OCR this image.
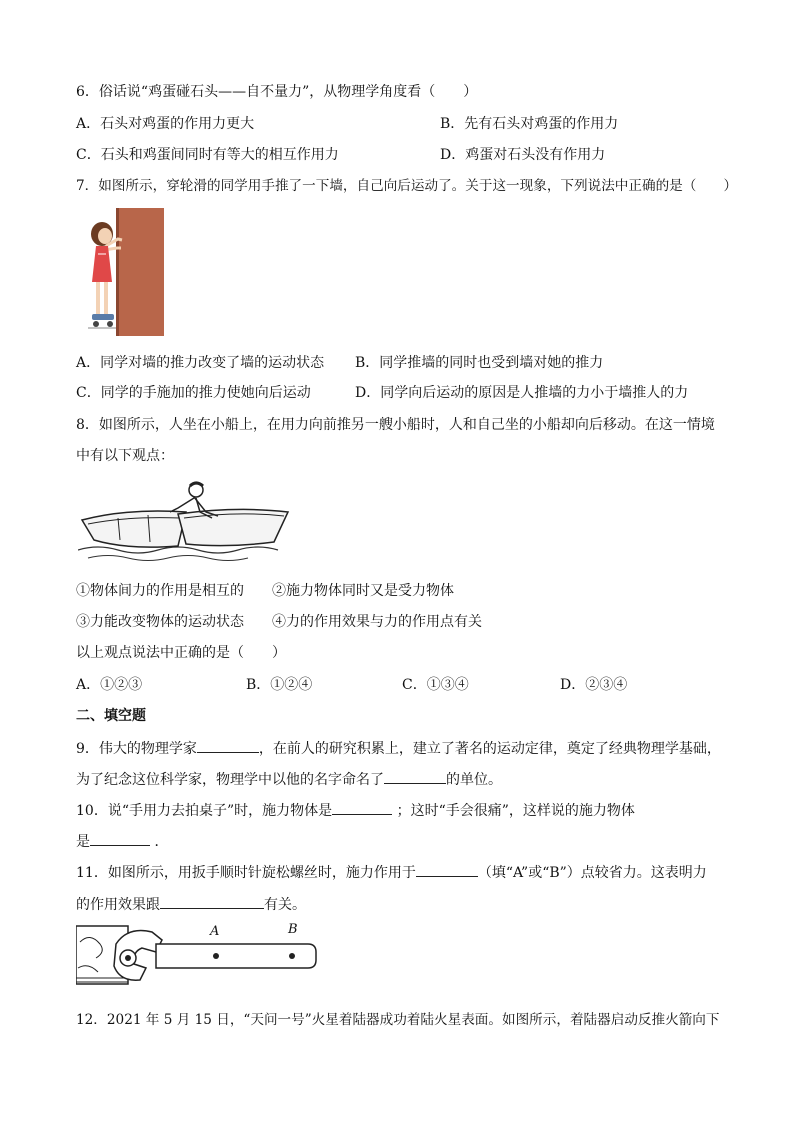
6．俗话说“鸡蛋碰石头——自不量力”，从物理学角度看（　　）
A．石头对鸡蛋的作用力更大	B．先有石头对鸡蛋的作用力
C．石头和鸡蛋间同时有等大的相互作用力	D．鸡蛋对石头没有作用力
7．如图所示，穿轮滑的同学用手推了一下墙，自己向后运动了。关于这一现象，下列说法中正确的是（　　）
A．同学对墙的推力改变了墙的运动状态 B．同学推墙的同时也受到墙对她的推力
C．同学的手施加的推力使她向后运动	D．同学向后运动的原因是人推墙的力小于墙推人的力
8．如图所示，人坐在小船上，在用力向前推另一艘小船时，人和自己坐的小船却向后移动。在这一情境
中有以下观点：
①物体间力的作用是相互的 ②施力物体同时又是受力物体
③力能改变物体的运动状态 ④力的作用效果与力的作用点有关
以上观点说法中正确的是（　　）
A．①②③	B．①②④	C．①③④	D．②③④
二、填空题
9．伟大的物理学家	，在前人的研究积累上，建立了著名的运动定律，奠定了经典物理学基础，
为了纪念这位科学家，物理学中以他的名字命名了	的单位。
10．说“手用力去拍桌子”时，施力物体是	；这时“手会很痛”，这样说的施力物体
是	．
11．如图所示，用扳手顺时针旋松螺丝时，施力作用于	（填“A”或“B”）点较省力。这表明力
的作用效果跟	有关。
A	B
12．2021 年 5 月 15 日，“天问一号”火星着陆器成功着陆火星表面。如图所示，着陆器启动反推火箭向下
